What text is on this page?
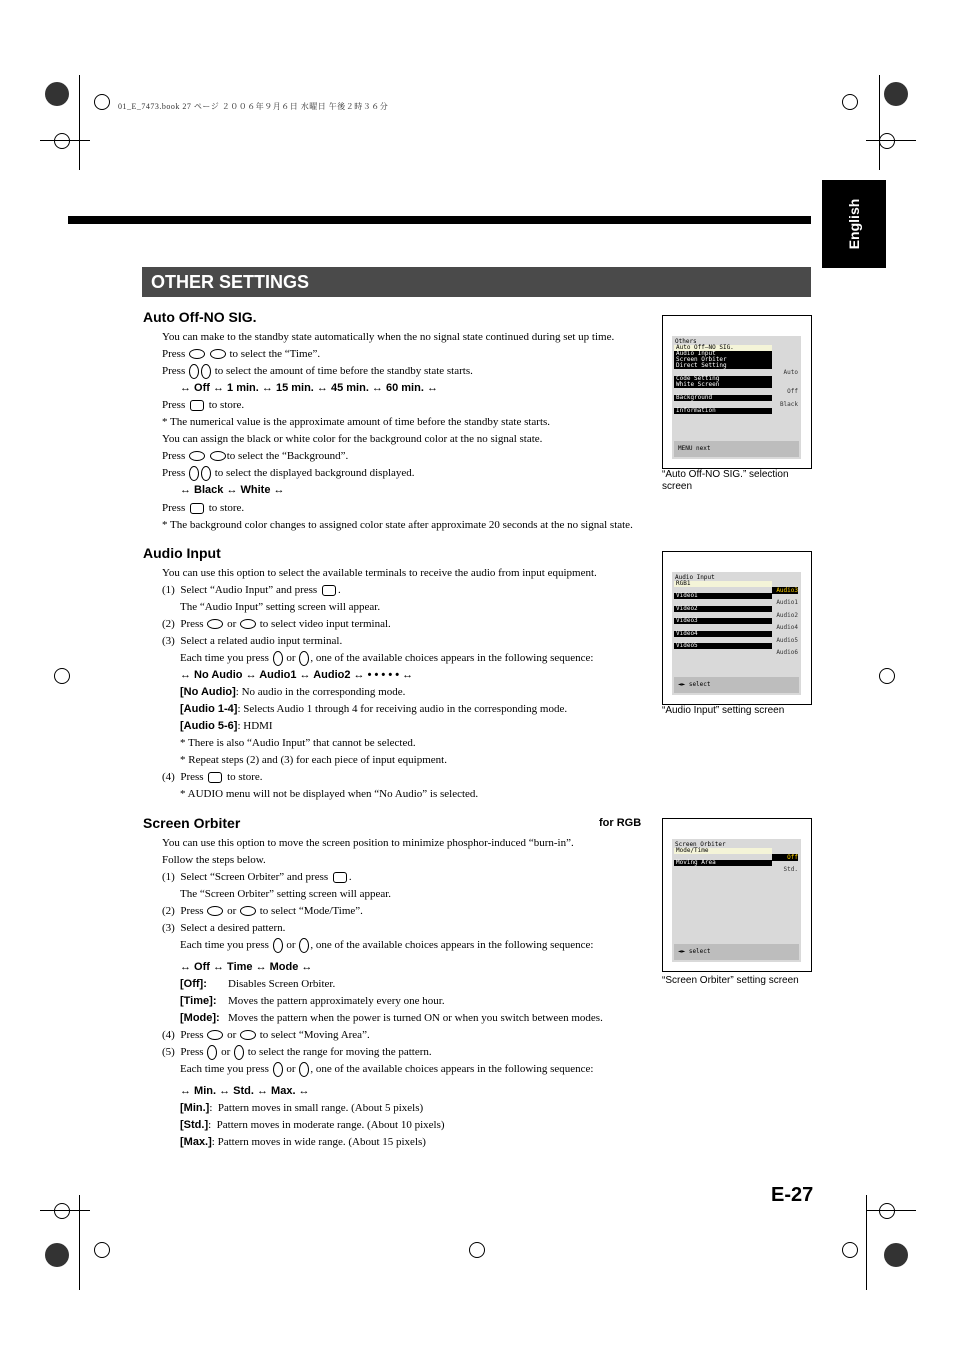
01_E_7473.book 27 ページ ２００６年９月６日 水曜日 午後２時３６分
English
OTHER SETTINGS
Auto Off-NO SIG.
You can make to the standby state automatically when the no signal state continued during set up time.
Press	to select the “Time”.
Press	to select the amount of time before the standby state starts.
↔ Off ↔ 1 min. ↔ 15 min. ↔ 45 min. ↔ 60 min. ↔
Press to store.
* The numerical value is the approximate amount of time before the standby state starts.
You can assign the black or white color for the background color at the no signal state.
Press	to select the “Background”.
Press	to select the displayed background displayed.
↔ Black ↔ White ↔
Press to store.
* The background color changes to assigned color state after approximate 20 seconds at the no signal state.
Others
Auto Off–NO SIG.
Audio Input
Screen Orbiter
Direct Setting
Auto
Code Setting
White Screen
Off
Background
Black
Information
MENU next
“Auto Off-NO SIG.” selection
screen
Audio Input
You can use this option to select the available terminals to receive the audio from input equipment.
(1) Select “Audio Input” and press .
The “Audio Input” setting screen will appear.
(2) Press or to select video input terminal.
(3) Select a related audio input terminal.
Each time you press or , one of the available choices appears in the following sequence:
↔ No Audio ↔ Audio1 ↔ Audio2 ↔ • • • • • ↔
[No Audio]: No audio in the corresponding mode.
[Audio 1-4]: Selects Audio 1 through 4 for receiving audio in the corresponding mode.
[Audio 5-6]: HDMI
* There is also “Audio Input” that cannot be selected.
* Repeat steps (2) and (3) for each piece of input equipment.
(4) Press to store.
* AUDIO menu will not be displayed when “No Audio” is selected.
Audio Input
RGB1
Audio3
Video1
Audio1
Video2
Audio2
Video3
Audio4
Video4
Audio5
Video5
Audio6
◄► select
“Audio Input” setting screen
Screen Orbiter	for RGB
You can use this option to move the screen position to minimize phosphor-induced “burn-in”.
Follow the steps below.
(1) Select “Screen Orbiter” and press .
The “Screen Orbiter” setting screen will appear.
(2) Press or to select “Mode/Time”.
(3) Select a desired pattern.
Each time you press or , one of the available choices appears in the following sequence:
↔ Off ↔ Time ↔ Mode ↔
[Off]: Disables Screen Orbiter.
[Time]: Moves the pattern approximately every one hour.
[Mode]: Moves the pattern when the power is turned ON or when you switch between modes.
(4) Press or to select “Moving Area”.
(5) Press or to select the range for moving the pattern.
Each time you press or , one of the available choices appears in the following sequence:
↔ Min. ↔ Std. ↔ Max. ↔
[Min.]:  Pattern moves in small range. (About 5 pixels)
[Std.]:  Pattern moves in moderate range. (About 10 pixels)
[Max.]: Pattern moves in wide range. (About 15 pixels)
Screen Orbiter
Mode/Time
Off
Moving Area
Std.
◄► select
“Screen Orbiter” setting screen
E-27
